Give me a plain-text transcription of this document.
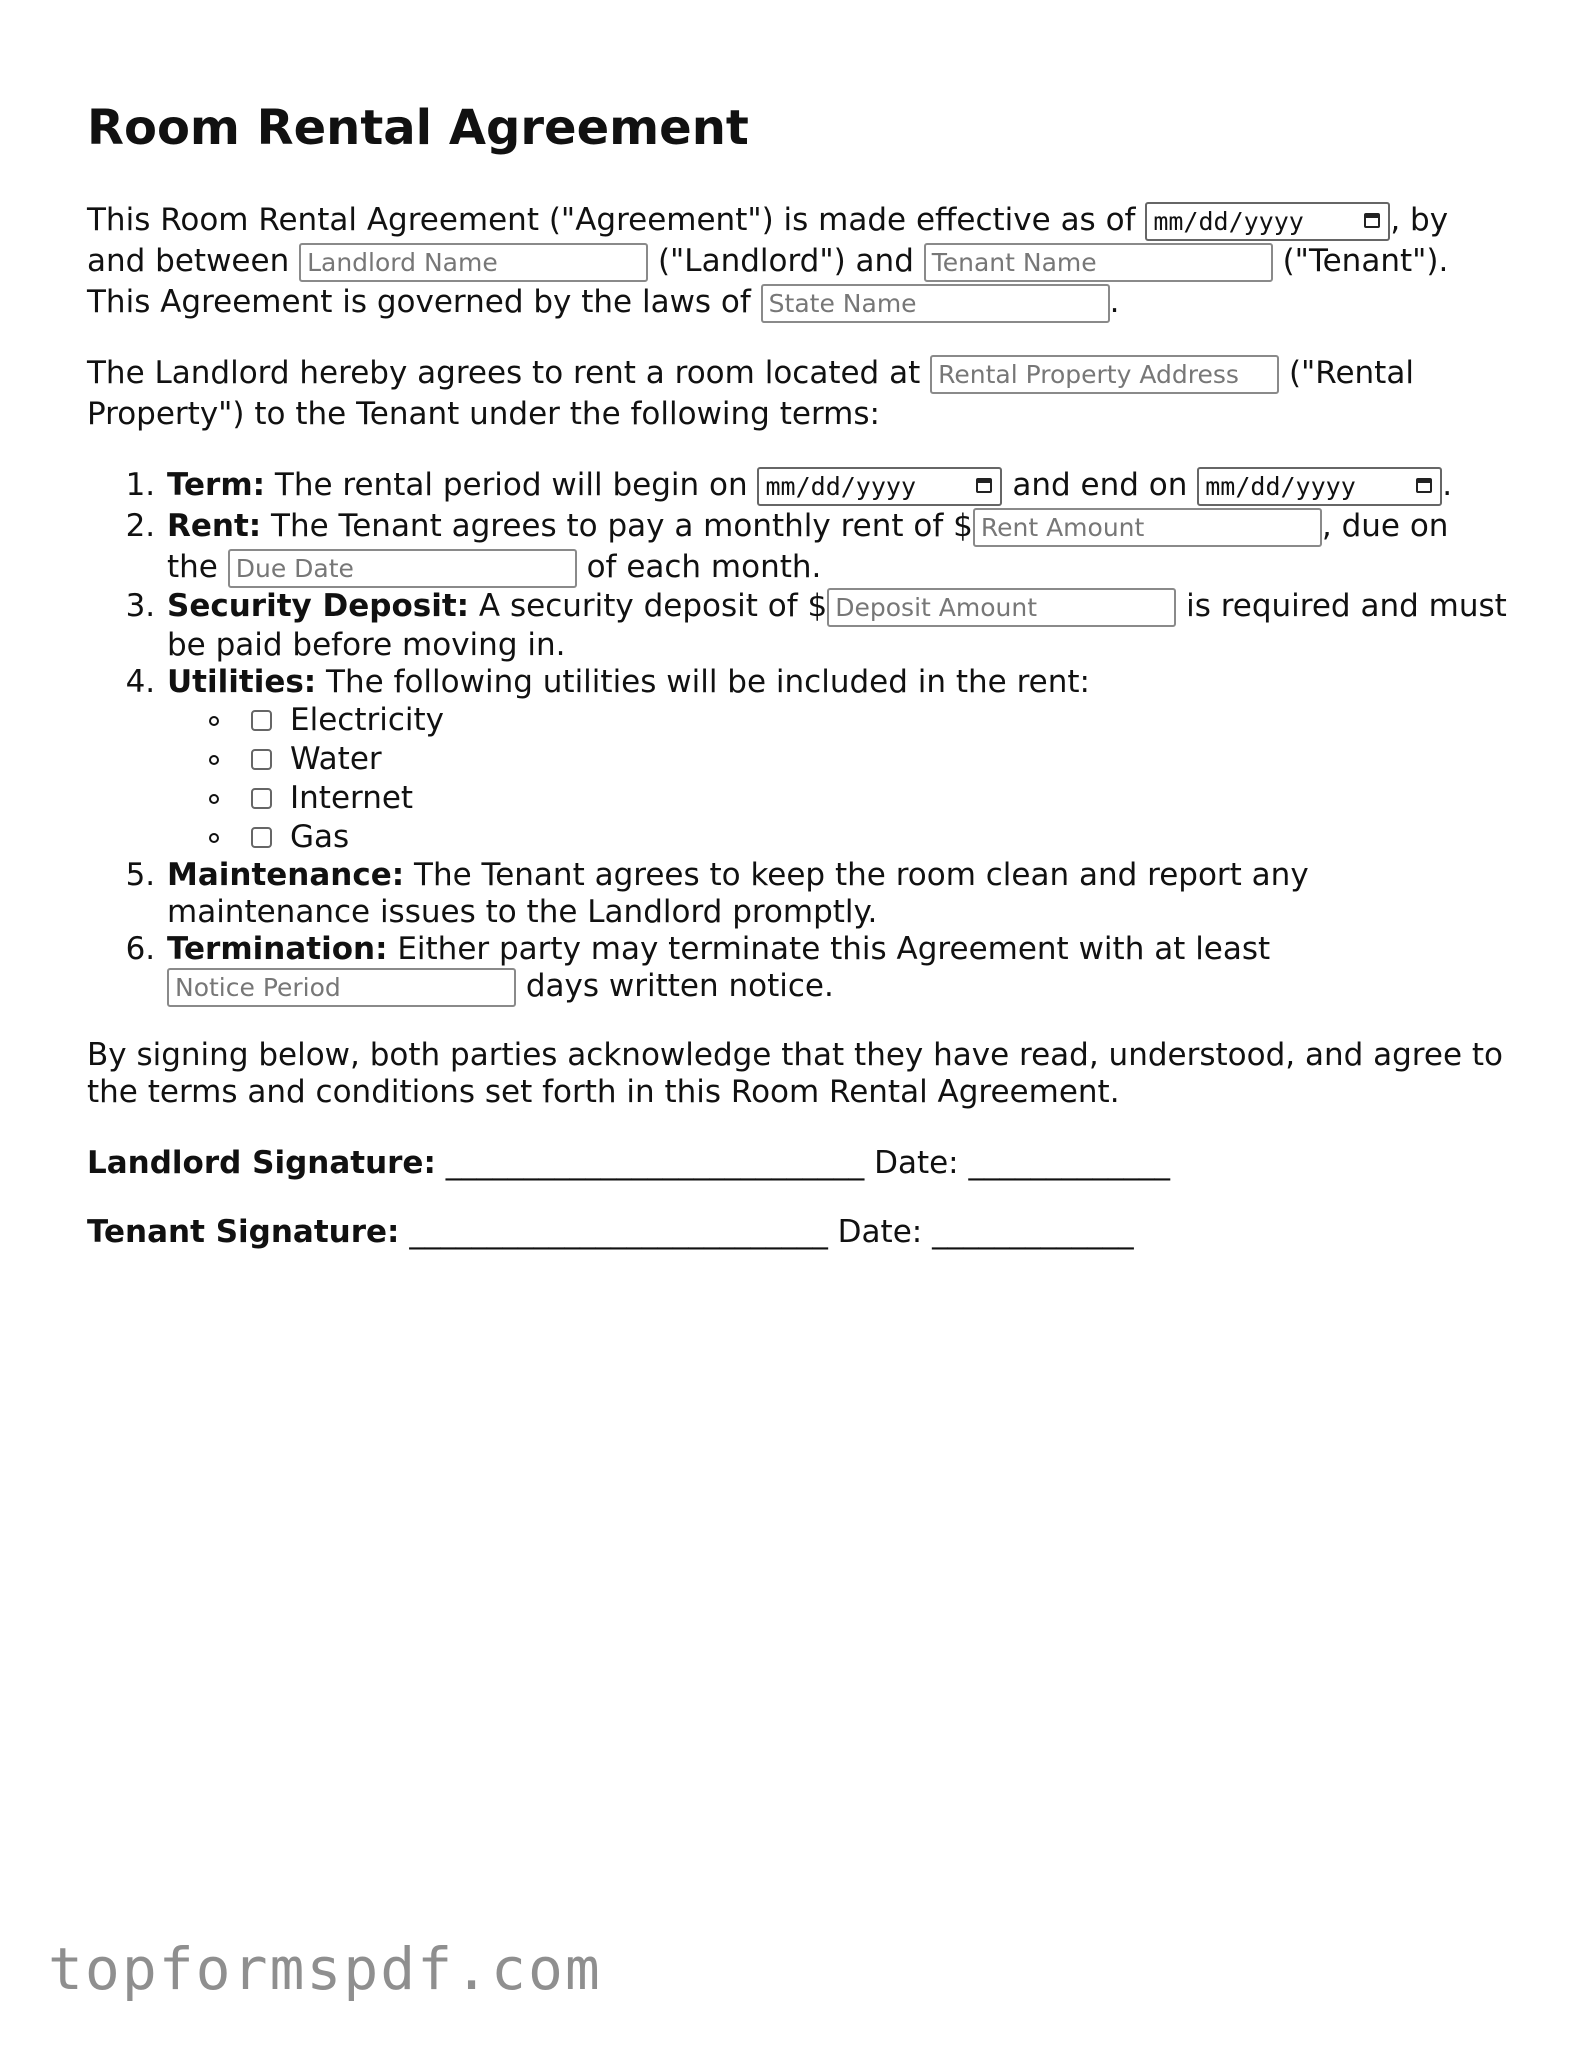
Room Rental Agreement

This Room Rental Agreement ("Agreement") is made effective as of mm/dd/yyyy	, by and between Landlord Name	("Landlord") and Tenant Name	("Tenant"). This Agreement is governed by the laws of State Name	.

The Landlord hereby agrees to rent a room located at Rental Property Address ("Rental Property") to the Tenant under the following terms:

1. Term: The rental period will begin on mm/dd/yyyy	and end on mm/dd/yyyy	.
2. Rent: The Tenant agrees to pay a monthly rent of $ Rent Amount	, due on the Due Date	of each month.
3. Security Deposit: A security deposit of $ Deposit Amount	is required and must be paid before moving in.
4. Utilities: The following utilities will be included in the rent:
Electricity
Water
Internet
Gas
5. Maintenance: The Tenant agrees to keep the room clean and report any maintenance issues to the Landlord promptly.
6. Termination: Either party may terminate this Agreement with at least Notice Period	days written notice.

By signing below, both parties acknowledge that they have read, understood, and agree to the terms and conditions set forth in this Room Rental Agreement.

Landlord Signature: ___________________________ Date: _____________
Tenant Signature: ___________________________ Date: _____________
topformspdf.com
